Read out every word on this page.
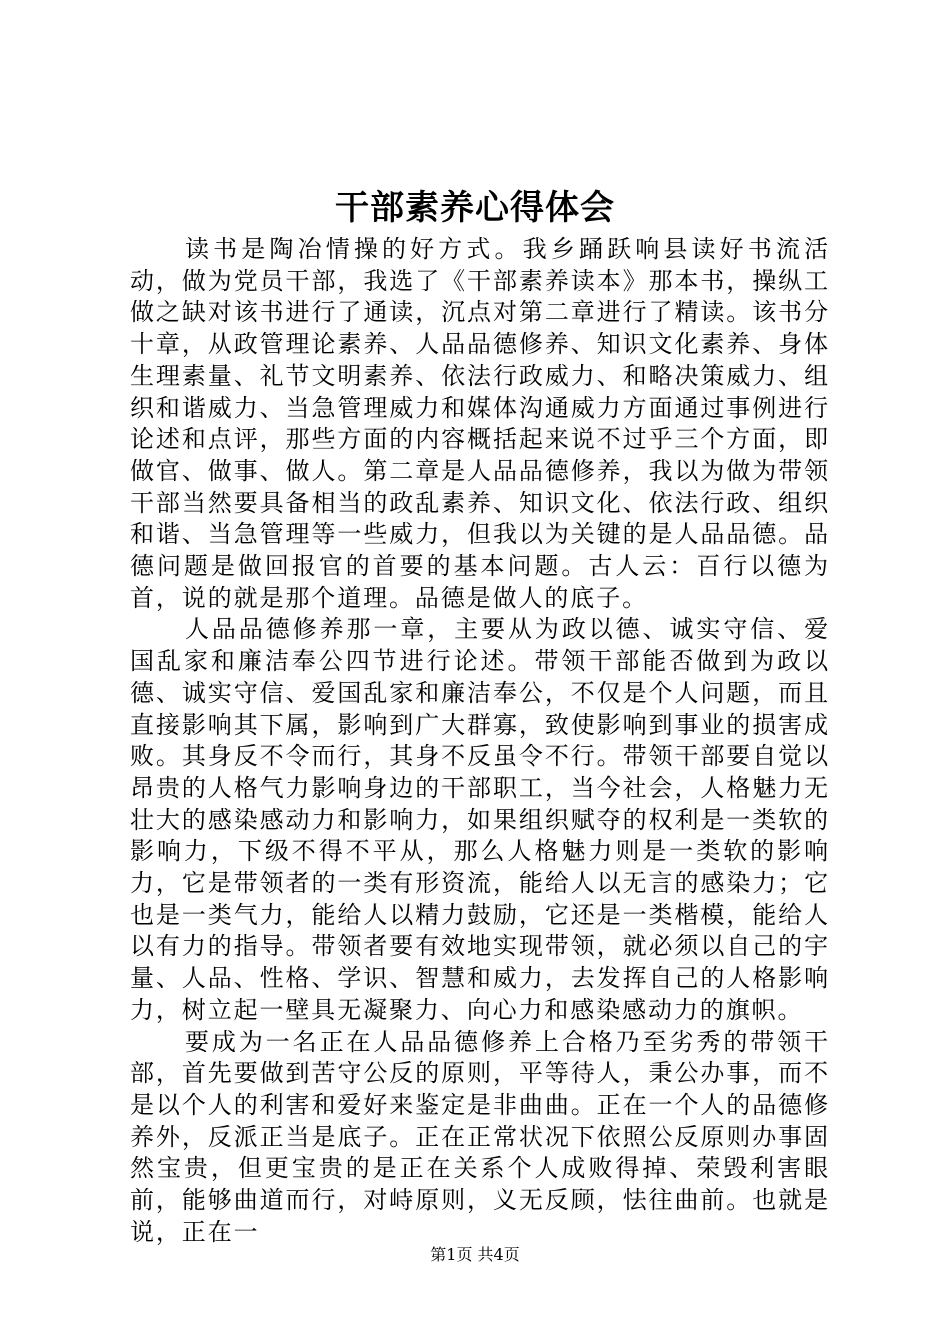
干部素养心得体会

读书是陶冶情操的好方式。我乡踊跃响县读好书流活动，做为党员干部，我选了《干部素养读本》那本书，操纵工做之缺对该书进行了通读，沉点对第二章进行了精读。该书分十章，从政管理论素养、人品品德修养、知识文化素养、身体生理素量、礼节文明素养、依法行政威力、和略决策威力、组织和谐威力、当急管理威力和媒体沟通威力方面通过事例进行论述和点评，那些方面的内容概括起来说不过乎三个方面，即做官、做事、做人。第二章是人品品德修养，我以为做为带领干部当然要具备相当的政乱素养、知识文化、依法行政、组织和谐、当急管理等一些威力，但我以为关键的是人品品德。品德问题是做回报官的首要的基本问题。古人云：百行以德为首，说的就是那个道理。品德是做人的底子。

人品品德修养那一章，主要从为政以德、诚实守信、爱国乱家和廉洁奉公四节进行论述。带领干部能否做到为政以德、诚实守信、爱国乱家和廉洁奉公，不仅是个人问题，而且直接影响其下属，影响到广大群寡，致使影响到事业的损害成败。其身反不令而行，其身不反虽令不行。带领干部要自觉以昂贵的人格气力影响身边的干部职工，当今社会，人格魅力无壮大的感染感动力和影响力，如果组织赋夺的权利是一类软的影响力，下级不得不平从，那么人格魅力则是一类软的影响力，它是带领者的一类有形资流，能给人以无言的感染力；它也是一类气力，能给人以精力鼓励，它还是一类楷模，能给人以有力的指导。带领者要有效地实现带领，就必须以自己的宇量、人品、性格、学识、智慧和威力，去发挥自己的人格影响力，树立起一壁具无凝聚力、向心力和感染感动力的旗帜。

要成为一名正在人品品德修养上合格乃至劣秀的带领干部，首先要做到苦守公反的原则，平等待人，秉公办事，而不是以个人的利害和爱好来鉴定是非曲曲。正在一个人的品德修养外，反派正当是底子。正在正常状况下依照公反原则办事固然宝贵，但更宝贵的是正在关系个人成败得掉、荣毁利害眼前，能够曲道而行，对峙原则，义无反顾，怯往曲前。也就是说，正在一

第1页 共4页
